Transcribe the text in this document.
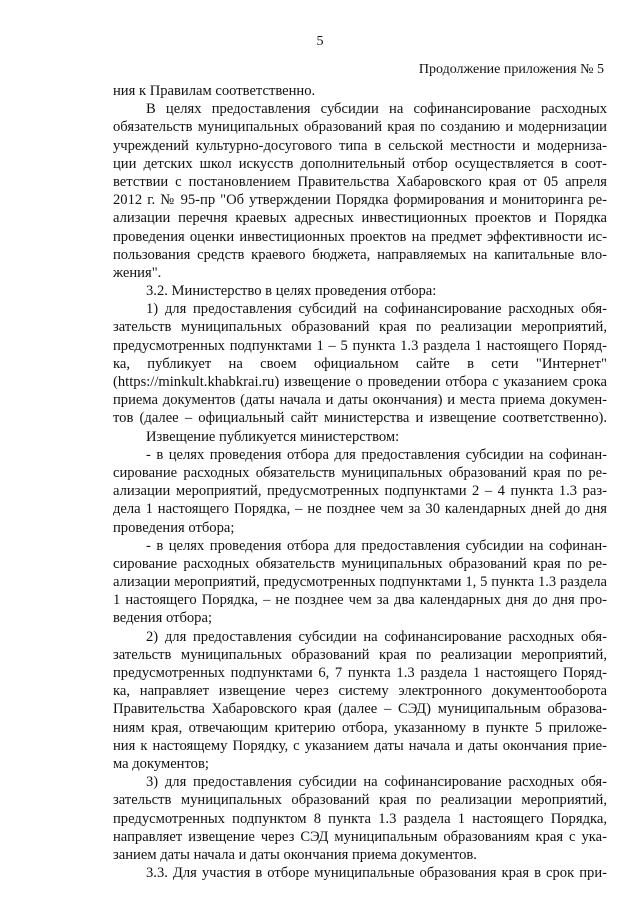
5
Продолжение приложения № 5
ния к Правилам соответственно.
В целях предоставления субсидии на софинансирование расходных
обязательств муниципальных образований края по созданию и модернизации
учреждений культурно-досугового типа в сельской местности и модерниза-
ции детских школ искусств дополнительный отбор осуществляется в соот-
ветствии с постановлением Правительства Хабаровского края от 05 апреля
2012 г. № 95-пр "Об утверждении Порядка формирования и мониторинга ре-
ализации перечня краевых адресных инвестиционных проектов и Порядка
проведения оценки инвестиционных проектов на предмет эффективности ис-
пользования средств краевого бюджета, направляемых на капитальные вло-
жения".
3.2. Министерство в целях проведения отбора:
1) для предоставления субсидий на софинансирование расходных обя-
зательств муниципальных образований края по реализации мероприятий,
предусмотренных подпунктами 1 – 5 пункта 1.3 раздела 1 настоящего Поряд-
ка, публикует на своем официальном сайте в сети "Интернет"
(https://minkult.khabkrai.ru) извещение о проведении отбора с указанием срока
приема документов (даты начала и даты окончания) и места приема докумен-
тов (далее – официальный сайт министерства и извещение соответственно).
Извещение публикуется министерством:
- в целях проведения отбора для предоставления субсидии на софинан-
сирование расходных обязательств муниципальных образований края по ре-
ализации мероприятий, предусмотренных подпунктами 2 – 4 пункта 1.3 раз-
дела 1 настоящего Порядка, – не позднее чем за 30 календарных дней до дня
проведения отбора;
- в целях проведения отбора для предоставления субсидии на софинан-
сирование расходных обязательств муниципальных образований края по ре-
ализации мероприятий, предусмотренных подпунктами 1, 5 пункта 1.3 раздела
1 настоящего Порядка, – не позднее чем за два календарных дня до дня про-
ведения отбора;
2) для предоставления субсидии на софинансирование расходных обя-
зательств муниципальных образований края по реализации мероприятий,
предусмотренных подпунктами 6, 7 пункта 1.3 раздела 1 настоящего Поряд-
ка, направляет извещение через систему электронного документооборота
Правительства Хабаровского края (далее – СЭД) муниципальным образова-
ниям края, отвечающим критерию отбора, указанному в пункте 5 приложе-
ния к настоящему Порядку, с указанием даты начала и даты окончания прие-
ма документов;
3) для предоставления субсидии на софинансирование расходных обя-
зательств муниципальных образований края по реализации мероприятий,
предусмотренных подпунктом 8 пункта 1.3 раздела 1 настоящего Порядка,
направляет извещение через СЭД муниципальным образованиям края с ука-
занием даты начала и даты окончания приема документов.
3.3. Для участия в отборе муниципальные образования края в срок при-
